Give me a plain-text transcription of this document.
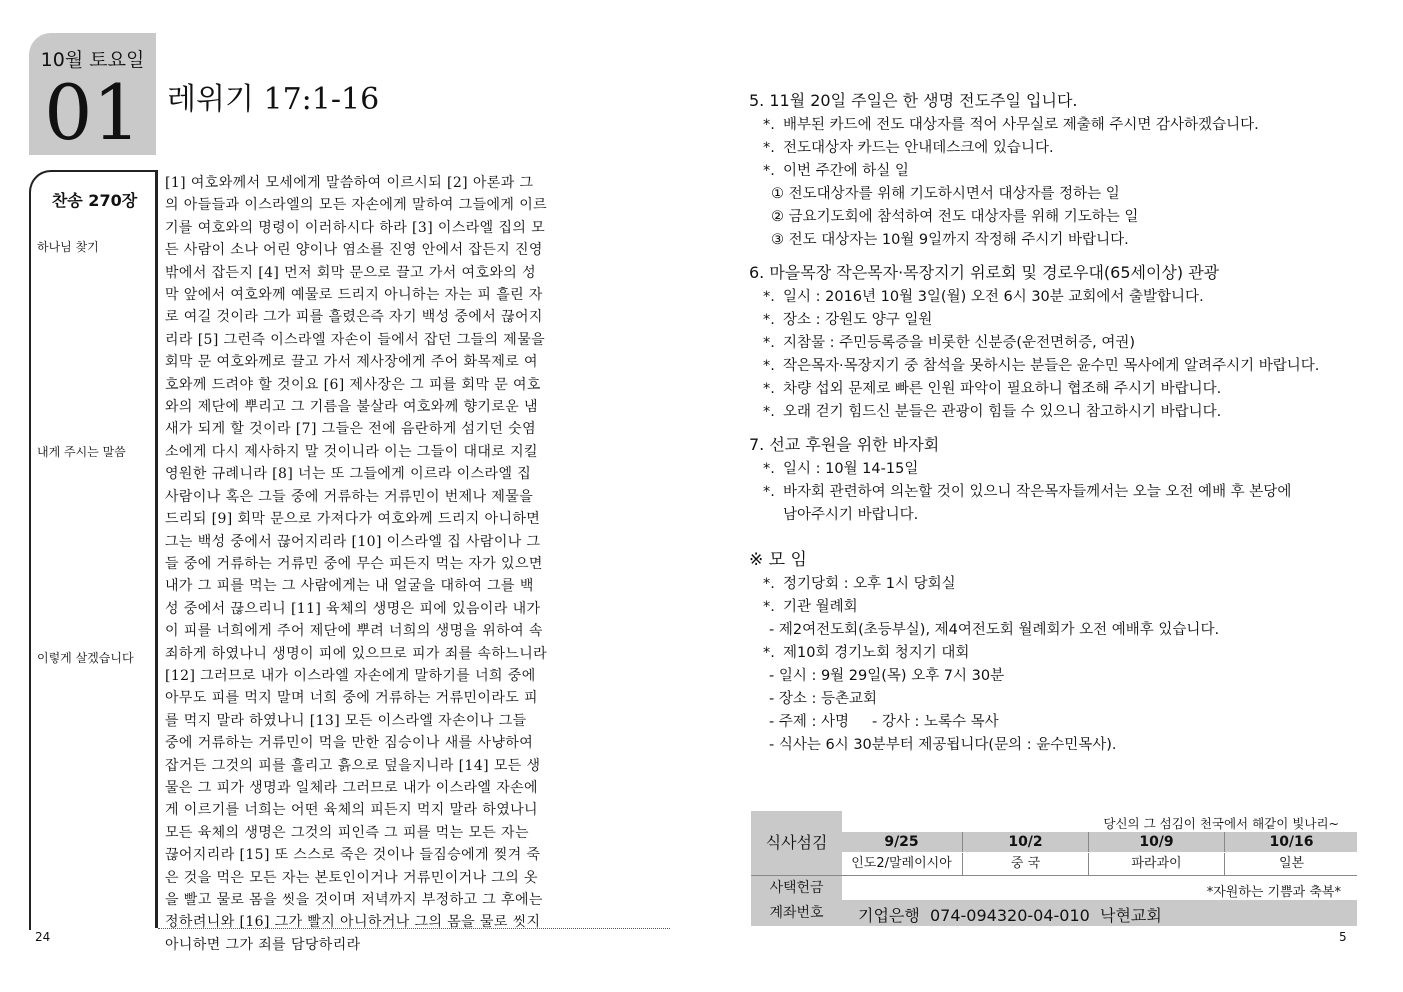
10월 토요일
01 레위기 17:1-16
찬송 270장
하나님 찾기
내게 주시는 말씀
이렇게 살겠습니다
[1] 여호와께서 모세에게 말씀하여 이르시되 [2] 아론과 그
의 아들들과 이스라엘의 모든 자손에게 말하여 그들에게 이르
기를 여호와의 명령이 이러하시다 하라 [3] 이스라엘 집의 모
든 사람이 소나 어린 양이나 염소를 진영 안에서 잡든지 진영
밖에서 잡든지 [4] 먼저 회막 문으로 끌고 가서 여호와의 성
막 앞에서 여호와께 예물로 드리지 아니하는 자는 피 흘린 자
로 여길 것이라 그가 피를 흘렸은즉 자기 백성 중에서 끊어지
리라 [5] 그런즉 이스라엘 자손이 들에서 잡던 그들의 제물을
회막 문 여호와께로 끌고 가서 제사장에게 주어 화목제로 여
호와께 드려야 할 것이요 [6] 제사장은 그 피를 회막 문 여호
와의 제단에 뿌리고 그 기름을 불살라 여호와께 향기로운 냄
새가 되게 할 것이라 [7] 그들은 전에 음란하게 섬기던 숫염
소에게 다시 제사하지 말 것이니라 이는 그들이 대대로 지킬
영원한 규례니라 [8] 너는 또 그들에게 이르라 이스라엘 집
사람이나 혹은 그들 중에 거류하는 거류민이 번제나 제물을
드리되 [9] 회막 문으로 가져다가 여호와께 드리지 아니하면
그는 백성 중에서 끊어지리라 [10] 이스라엘 집 사람이나 그
들 중에 거류하는 거류민 중에 무슨 피든지 먹는 자가 있으면
내가 그 피를 먹는 그 사람에게는 내 얼굴을 대하여 그를 백
성 중에서 끊으리니 [11] 육체의 생명은 피에 있음이라 내가
이 피를 너희에게 주어 제단에 뿌려 너희의 생명을 위하여 속
죄하게 하였나니 생명이 피에 있으므로 피가 죄를 속하느니라
[12] 그러므로 내가 이스라엘 자손에게 말하기를 너희 중에
아무도 피를 먹지 말며 너희 중에 거류하는 거류민이라도 피
를 먹지 말라 하였나니 [13] 모든 이스라엘 자손이나 그들
중에 거류하는 거류민이 먹을 만한 짐승이나 새를 사냥하여
잡거든 그것의 피를 흘리고 흙으로 덮을지니라 [14] 모든 생
물은 그 피가 생명과 일체라 그러므로 내가 이스라엘 자손에
게 이르기를 너희는 어떤 육체의 피든지 먹지 말라 하였나니
모든 육체의 생명은 그것의 피인즉 그 피를 먹는 모든 자는
끊어지리라 [15] 또 스스로 죽은 것이나 들짐승에게 찢겨 죽
은 것을 먹은 모든 자는 본토인이거나 거류민이거나 그의 옷
을 빨고 물로 몸을 씻을 것이며 저녁까지 부정하고 그 후에는
정하려니와 [16] 그가 빨지 아니하거나 그의 몸을 물로 씻지
아니하면 그가 죄를 담당하리라
24	5

5. 11월 20일 주일은 한 생명 전도주일 입니다.

*. 배부된 카드에 전도 대상자를 적어 사무실로 제출해 주시면 감사하겠습니다.

*. 전도대상자 카드는 안내데스크에 있습니다.

*. 이번 주간에 하실 일

① 전도대상자를 위해 기도하시면서 대상자를 정하는 일

② 금요기도회에 참석하여 전도 대상자를 위해 기도하는 일

③ 전도 대상자는 10월 9일까지 작정해 주시기 바랍니다.

6. 마을목장 작은목자·목장지기 위로회 및 경로우대(65세이상) 관광

*. 일시 : 2016년 10월 3일(월) 오전 6시 30분 교회에서 출발합니다.

*. 장소 : 강원도 양구 일원

*. 지참물 : 주민등록증을 비롯한 신분증(운전면허증, 여권)

*. 작은목자·목장지기 중 참석을 못하시는 분들은 윤수민 목사에게 알려주시기 바랍니다.

*. 차량 섭외 문제로 빠른 인원 파악이 필요하니 협조해 주시기 바랍니다.

*. 오래 걷기 힘드신 분들은 관광이 힘들 수 있으니 참고하시기 바랍니다.

7. 선교 후원을 위한 바자회

*. 일시 : 10월 14-15일

*. 바자회 관련하여 의논할 것이 있으니 작은목자들께서는 오늘 오전 예배 후 본당에

남아주시기 바랍니다.

※ 모 임

*. 정기당회 : 오후 1시 당회실

*. 기관 월례회

- 제2여전도회(초등부실), 제4여전도회 월례회가 오전 예배후 있습니다.

*. 제10회 경기노회 청지기 대회

- 일시 : 9월 29일(목) 오후 7시 30분

- 장소 : 등촌교회

- 주제 : 사명     - 강사 : 노록수 목사

- 식사는 6시 30분부터 제공됩니다(문의 : 윤수민목사).

식사섬김
당신의 그 섬김이 천국에서 해같이 빛나리~
9/25	10/2	10/9	10/16
인도2/말레이시아	중 국	파라과이	일본
사택헌금	*자원하는 기쁨과 축복*
계좌번호	기업은행  074-094320-04-010  낙현교회
